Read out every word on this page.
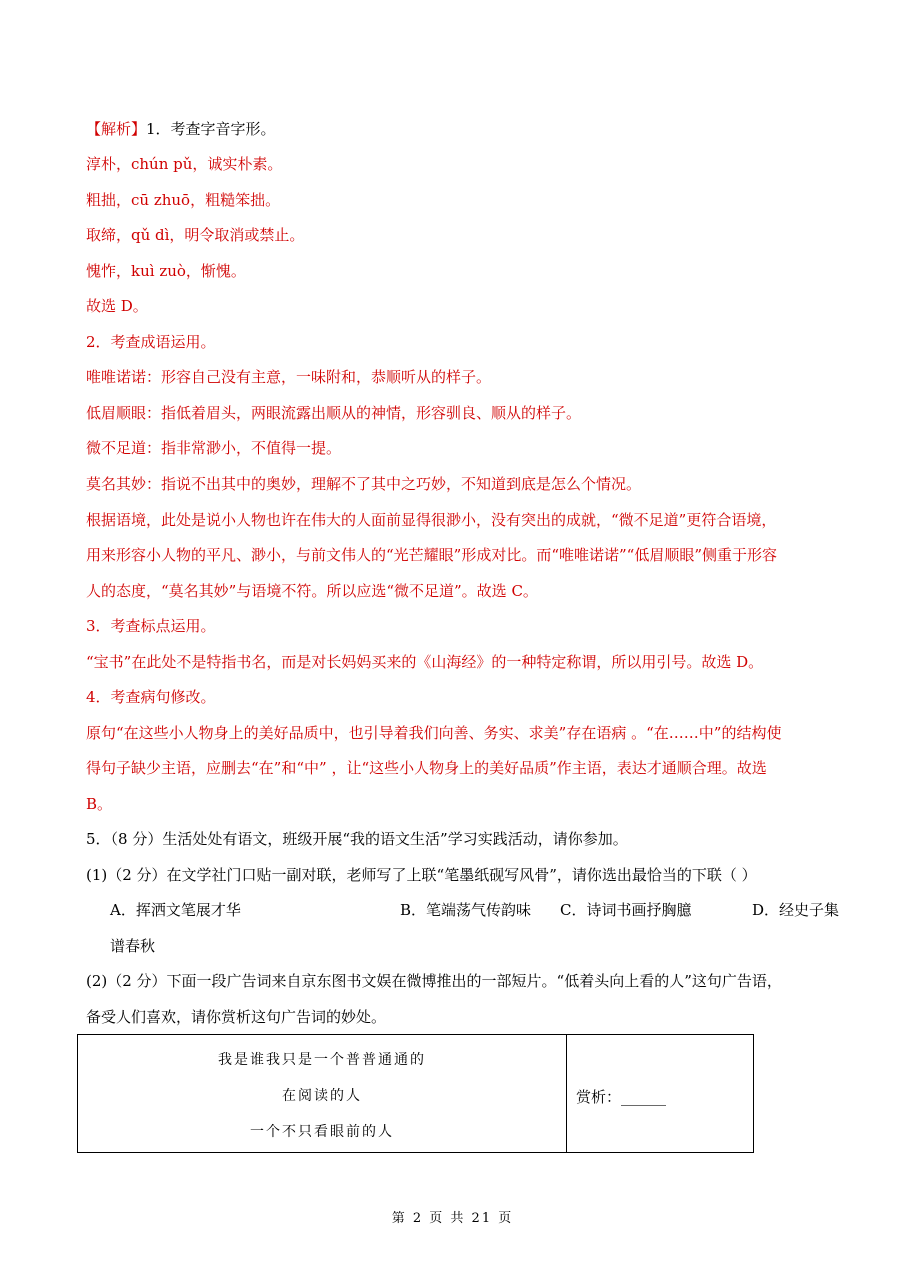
【解析】1．考查字音字形。
淳朴，chún pǔ，诚实朴素。
粗拙，cū zhuō，粗糙笨拙。
取缔，qǔ dì，明令取消或禁止。
愧怍，kuì zuò，惭愧。
故选 D。
2．考查成语运用。
唯唯诺诺：形容自己没有主意，一味附和，恭顺听从的样子。
低眉顺眼：指低着眉头，两眼流露出顺从的神情，形容驯良、顺从的样子。
微不足道：指非常渺小，不值得一提。
莫名其妙：指说不出其中的奥妙，理解不了其中之巧妙，不知道到底是怎么个情况。
根据语境，此处是说小人物也许在伟大的人面前显得很渺小，没有突出的成就，“微不足道”更符合语境，
用来形容小人物的平凡、渺小，与前文伟人的“光芒耀眼”形成对比。而“唯唯诺诺”“低眉顺眼”侧重于形容
人的态度，“莫名其妙”与语境不符。所以应选“微不足道”。故选 C。
3．考查标点运用。
“宝书”在此处不是特指书名，而是对长妈妈买来的《山海经》的一种特定称谓，所以用引号。故选 D。
4．考查病句修改。
原句“在这些小人物身上的美好品质中，也引导着我们向善、务实、求美”存在语病 。“在……中”的结构使
得句子缺少主语，应删去“在”和“中” ，让“这些小人物身上的美好品质”作主语，表达才通顺合理。故选
B。
5．（8 分）生活处处有语文，班级开展“我的语文生活”学习实践活动，请你参加。
(1)（2 分）在文学社门口贴一副对联，老师写了上联“笔墨纸砚写风骨”，请你选出最恰当的下联（ ）
A．挥洒文笔展才华	B．笔端荡气传韵味 C．诗词书画抒胸臆	D．经史子集
谱春秋
(2)（2 分）下面一段广告词来自京东图书文娱在微博推出的一部短片。“低着头向上看的人”这句广告语，
备受人们喜欢，请你赏析这句广告词的妙处。
我是谁我只是一个普普通通的
在阅读的人
一个不只看眼前的人
赏析：______
第 2 页 共 21 页
